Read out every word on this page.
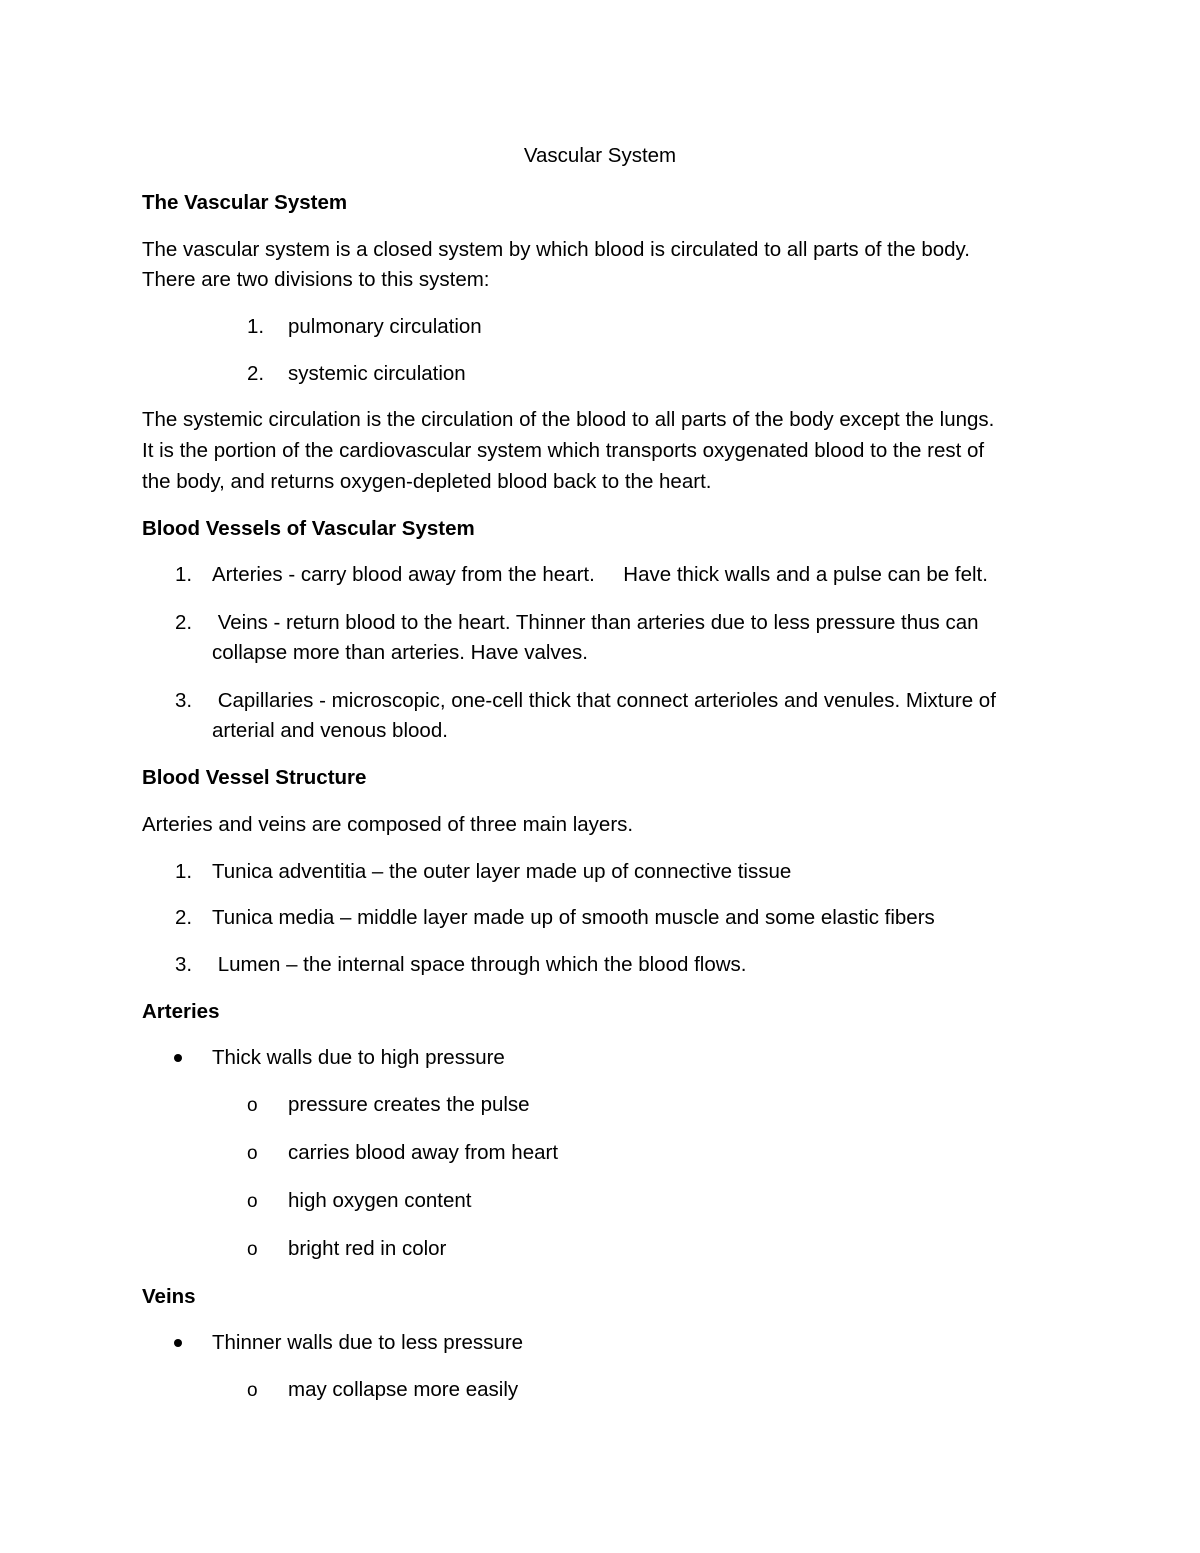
Vascular System
The Vascular System
The vascular system is a closed system by which blood is circulated to all parts of the body.
There are two divisions to this system:
1. pulmonary circulation
2. systemic circulation
The systemic circulation is the circulation of the blood to all parts of the body except the lungs.
It is the portion of the cardiovascular system which transports oxygenated blood to the rest of
the body, and returns oxygen-depleted blood back to the heart.
Blood Vessels of Vascular System
1. Arteries - carry blood away from the heart.     Have thick walls and a pulse can be felt.
2. Veins - return blood to the heart. Thinner than arteries due to less pressure thus can
collapse more than arteries. Have valves.
3. Capillaries - microscopic, one-cell thick that connect arterioles and venules. Mixture of
arterial and venous blood.
Blood Vessel Structure
Arteries and veins are composed of three main layers.
1. Tunica adventitia – the outer layer made up of connective tissue
2. Tunica media – middle layer made up of smooth muscle and some elastic fibers
3. Lumen – the internal space through which the blood flows.
Arteries
Thick walls due to high pressure
o pressure creates the pulse
o carries blood away from heart
o high oxygen content
o bright red in color
Veins
Thinner walls due to less pressure
o may collapse more easily
